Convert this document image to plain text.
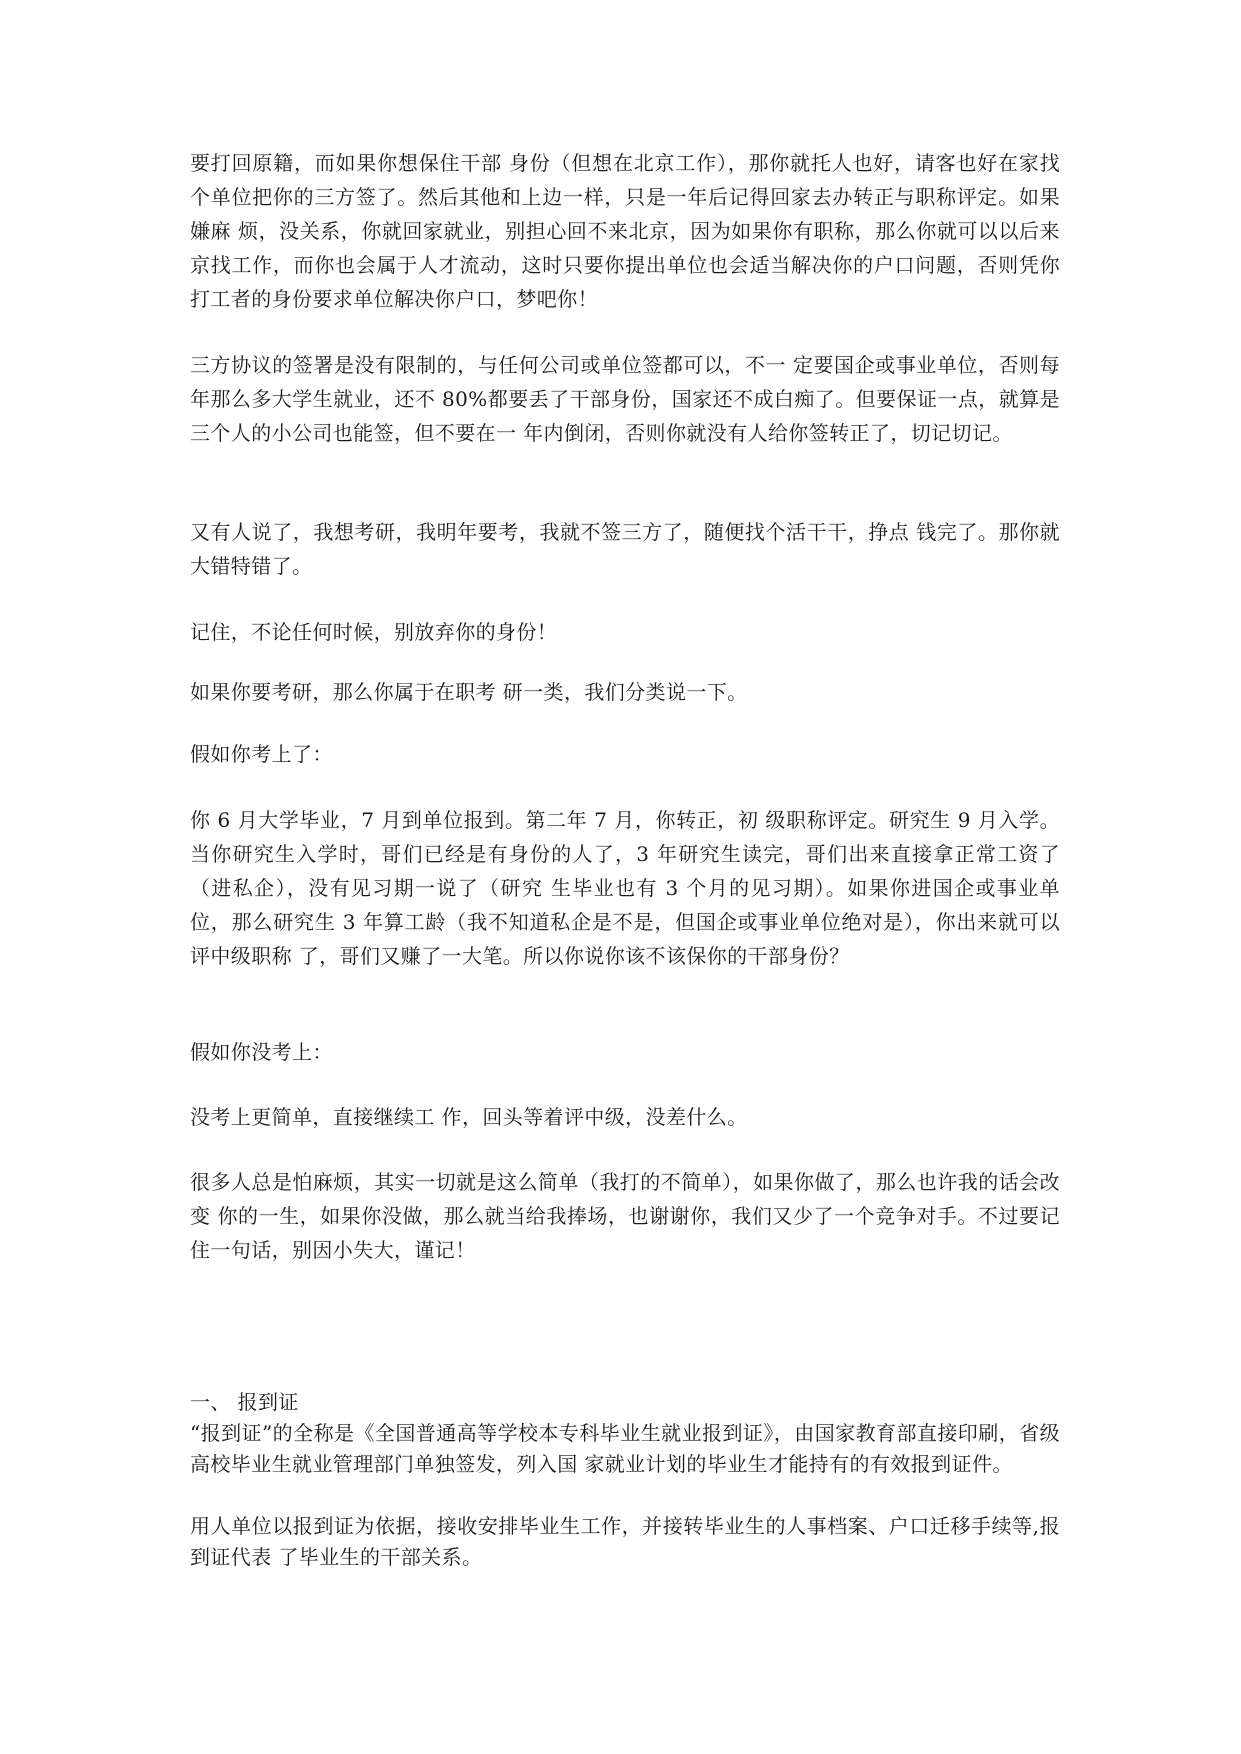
要打回原籍，而如果你想保住干部 身份（但想在北京工作），那你就托人也好，请客也好在家找个单位把你的三方签了。然后其他和上边一样，只是一年后记得回家去办转正与职称评定。如果嫌麻 烦，没关系，你就回家就业，别担心回不来北京，因为如果你有职称，那么你就可以以后来京找工作，而你也会属于人才流动，这时只要你提出单位也会适当解决你的户口问题，否则凭你打工者的身份要求单位解决你户口，梦吧你！

三方协议的签署是没有限制的，与任何公司或单位签都可以，不一 定要国企或事业单位，否则每年那么多大学生就业，还不 80%都要丢了干部身份，国家还不成白痴了。但要保证一点，就算是三个人的小公司也能签，但不要在一 年内倒闭，否则你就没有人给你签转正了，切记切记。

又有人说了，我想考研，我明年要考，我就不签三方了，随便找个活干干，挣点 钱完了。那你就大错特错了。

记住，不论任何时候，别放弃你的身份！

如果你要考研，那么你属于在职考 研一类，我们分类说一下。

假如你考上了：

你 6 月大学毕业，7 月到单位报到。第二年 7 月，你转正，初 级职称评定。研究生 9 月入学。当你研究生入学时，哥们已经是有身份的人了，3 年研究生读完，哥们出来直接拿正常工资了（进私企），没有见习期一说了（研究 生毕业也有 3 个月的见习期）。如果你进国企或事业单位，那么研究生 3 年算工龄（我不知道私企是不是，但国企或事业单位绝对是），你出来就可以评中级职称 了，哥们又赚了一大笔。所以你说你该不该保你的干部身份？

假如你没考上：

没考上更简单，直接继续工 作，回头等着评中级，没差什么。

很多人总是怕麻烦，其实一切就是这么简单（我打的不简单），如果你做了，那么也许我的话会改变 你的一生，如果你没做，那么就当给我捧场，也谢谢你，我们又少了一个竞争对手。不过要记住一句话，别因小失大，谨记！

一、 报到证

“报到证”的全称是《全国普通高等学校本专科毕业生就业报到证》，由国家教育部直接印刷，省级高校毕业生就业管理部门单独签发，列入国 家就业计划的毕业生才能持有的有效报到证件。

用人单位以报到证为依据，接收安排毕业生工作，并接转毕业生的人事档案、户口迁移手续等,报到证代表 了毕业生的干部关系。
